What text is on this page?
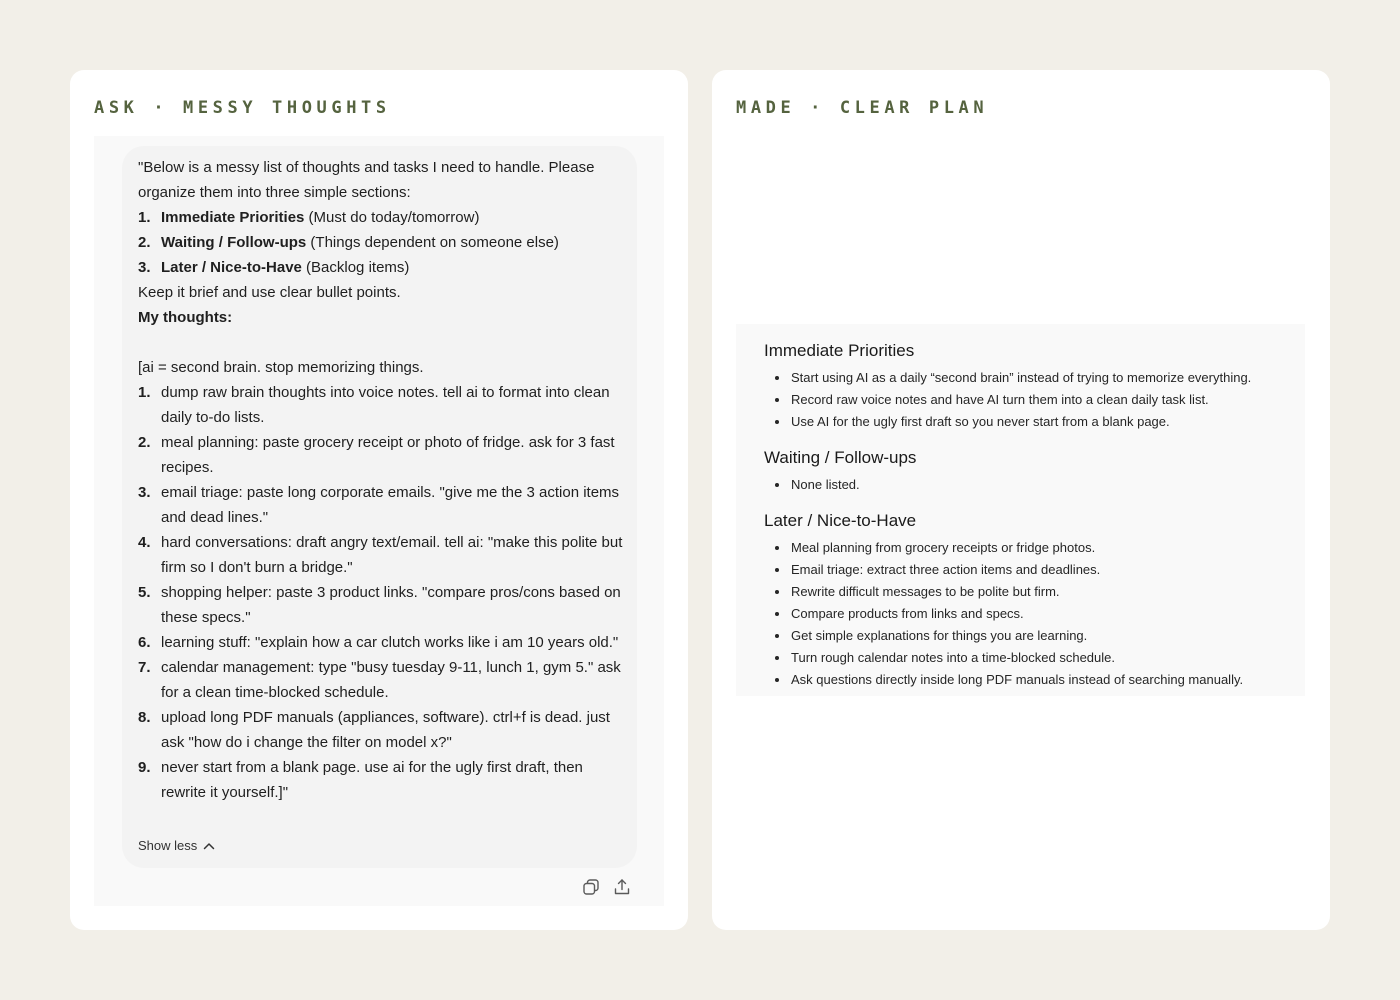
ASK · MESSY THOUGHTS	MADE · CLEAR PLAN
"Below is a messy list of thoughts and tasks I need to handle. Please organize them into three simple sections:
1. Immediate Priorities (Must do today/tomorrow)
2. Waiting / Follow-ups (Things dependent on someone else)
3. Later / Nice-to-Have (Backlog items)

Keep it brief and use clear bullet points.

My thoughts:

[ai = second brain. stop memorizing things.

1. dump raw brain thoughts into voice notes. tell ai to format into clean daily to-do lists.
2. meal planning: paste grocery receipt or photo of fridge. ask for 3 fast recipes.
3. email triage: paste long corporate emails. "give me the 3 action items and dead lines."
4. hard conversations: draft angry text/email. tell ai: "make this polite but firm so I don't burn a bridge."
5. shopping helper: paste 3 product links. "compare pros/cons based on these specs."
6. learning stuff: "explain how a car clutch works like i am 10 years old."
7. calendar management: type "busy tuesday 9-11, lunch 1, gym 5." ask for a clean time-blocked schedule.
8. upload long PDF manuals (appliances, software). ctrl+f is dead. just ask "how do i change the filter on model x?"
9. never start from a blank page. use ai for the ugly first draft, then rewrite it yourself.]"
Show less
Immediate Priorities
Start using AI as a daily “second brain” instead of trying to memorize everything.
Record raw voice notes and have AI turn them into a clean daily task list.
Use AI for the ugly first draft so you never start from a blank page.
Waiting / Follow-ups
None listed.
Later / Nice-to-Have
Meal planning from grocery receipts or fridge photos.
Email triage: extract three action items and deadlines.
Rewrite difficult messages to be polite but firm.
Compare products from links and specs.
Get simple explanations for things you are learning.
Turn rough calendar notes into a time-blocked schedule.
Ask questions directly inside long PDF manuals instead of searching manually.
